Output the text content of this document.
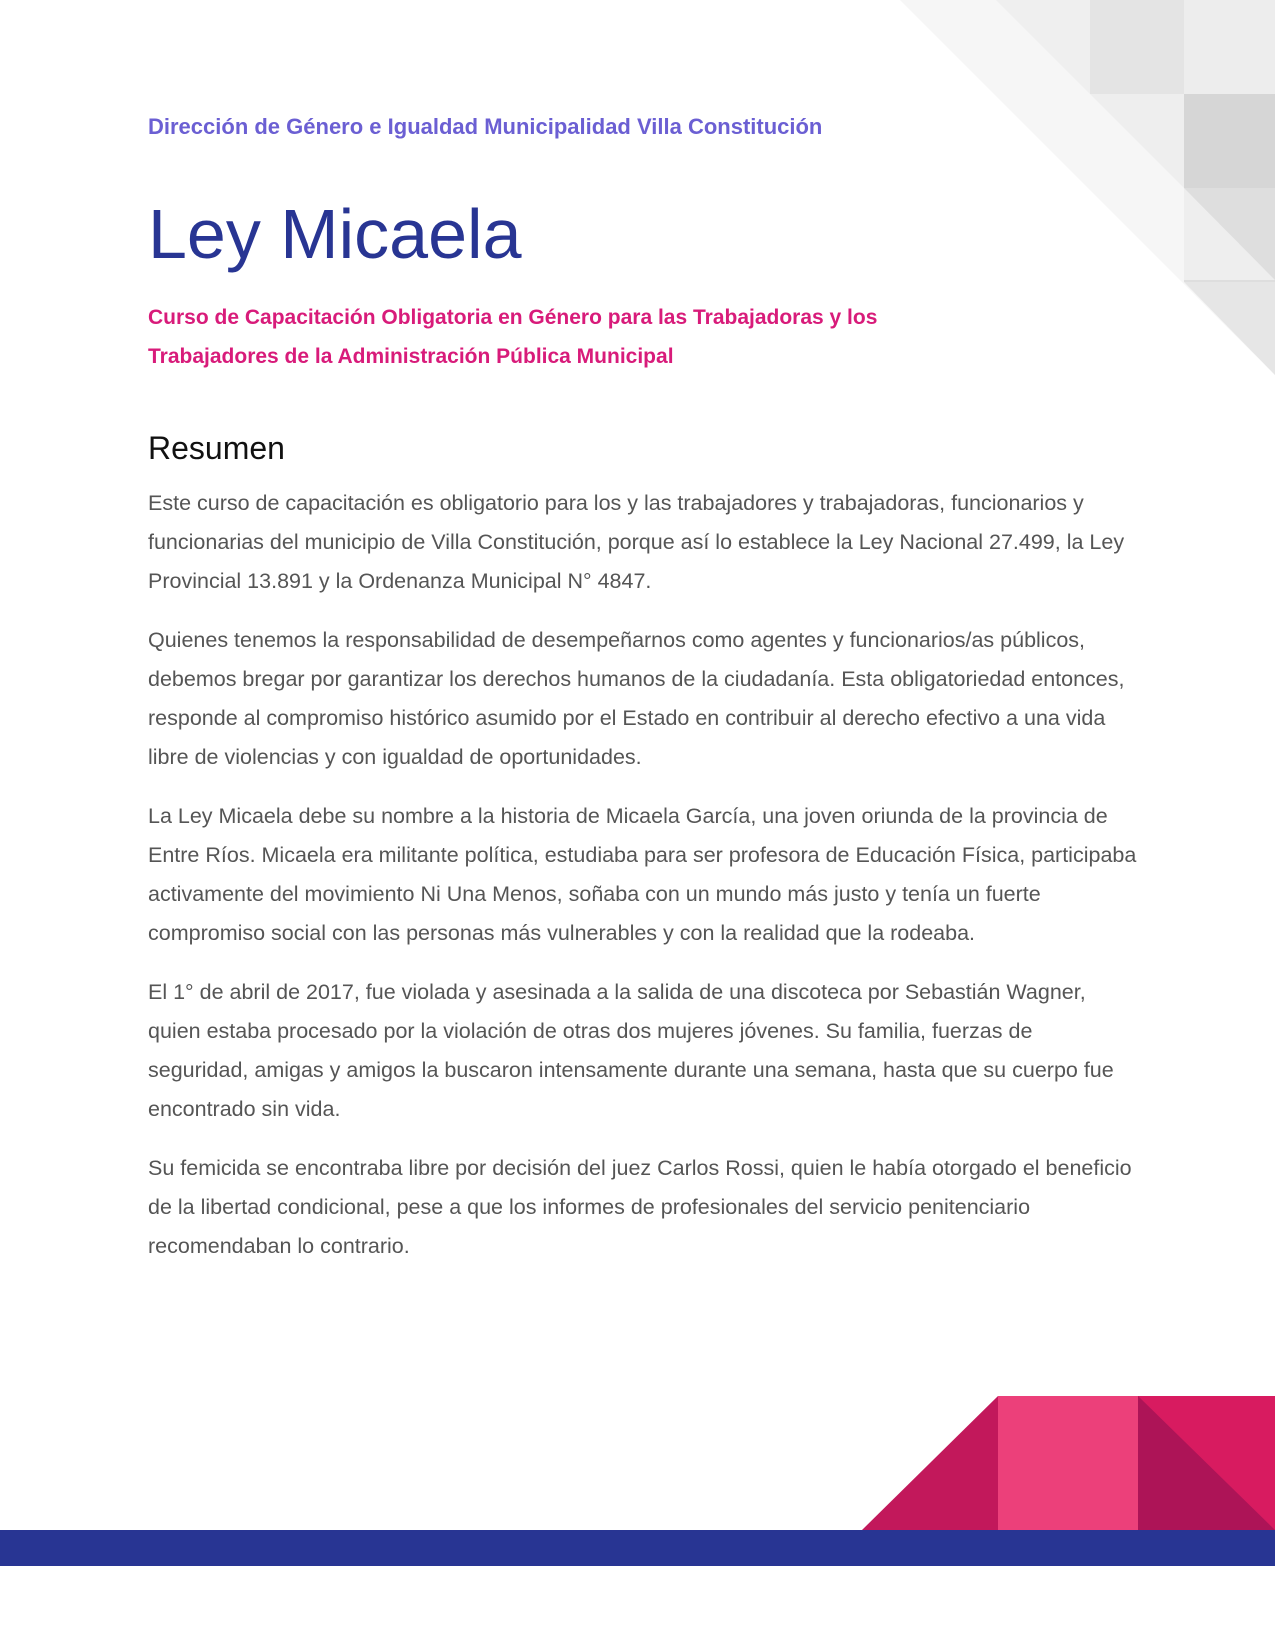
Dirección de Género e Igualdad Municipalidad Villa Constitución

Ley Micaela

Curso de Capacitación Obligatoria en Género para las Trabajadoras y los Trabajadores de la Administración Pública Municipal

Resumen

Este curso de capacitación es obligatorio para los y las trabajadores y trabajadoras, funcionarios y funcionarias del municipio de Villa Constitución, porque así lo establece la Ley Nacional 27.499, la Ley Provincial 13.891 y la Ordenanza Municipal N° 4847.

Quienes tenemos la responsabilidad de desempeñarnos como agentes y funcionarios/as públicos, debemos bregar por garantizar los derechos humanos de la ciudadanía. Esta obligatoriedad entonces, responde al compromiso histórico asumido por el Estado en contribuir al derecho efectivo a una vida libre de violencias y con igualdad de oportunidades.

La Ley Micaela debe su nombre a la historia de Micaela García, una joven oriunda de la provincia de Entre Ríos. Micaela era militante política, estudiaba para ser profesora de Educación Física, participaba activamente del movimiento Ni Una Menos, soñaba con un mundo más justo y tenía un fuerte compromiso social con las personas más vulnerables y con la realidad que la rodeaba.

El 1° de abril de 2017, fue violada y asesinada a la salida de una discoteca por Sebastián Wagner, quien estaba procesado por la violación de otras dos mujeres jóvenes. Su familia, fuerzas de seguridad, amigas y amigos la buscaron intensamente durante una semana, hasta que su cuerpo fue encontrado sin vida.

Su femicida se encontraba libre por decisión del juez Carlos Rossi, quien le había otorgado el beneficio de la libertad condicional, pese a que los informes de profesionales del servicio penitenciario recomendaban lo contrario.
